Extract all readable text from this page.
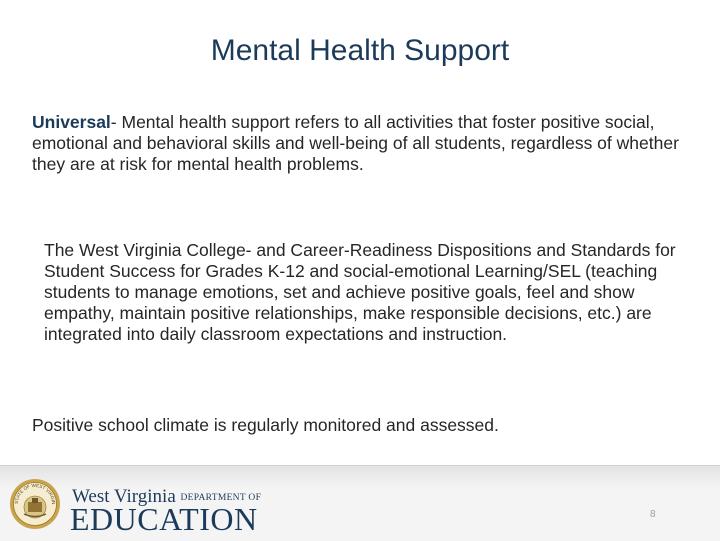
Mental Health Support

Universal- Mental health support refers to all activities that foster positive social, emotional and behavioral skills and well-being of all students, regardless of whether they are at risk for mental health problems.

The West Virginia College- and Career-Readiness Dispositions and Standards for Student Success for Grades K-12 and social-emotional Learning/SEL (teaching students to manage emotions, set and achieve positive goals, feel and show empathy, maintain positive relationships, make responsible decisions, etc.) are integrated into daily classroom expectations and instruction.

Positive school climate is regularly monitored and assessed.

STATE OF WEST VIRGIN West Virginia DEPARTMENT OF
EDUCATION	8
